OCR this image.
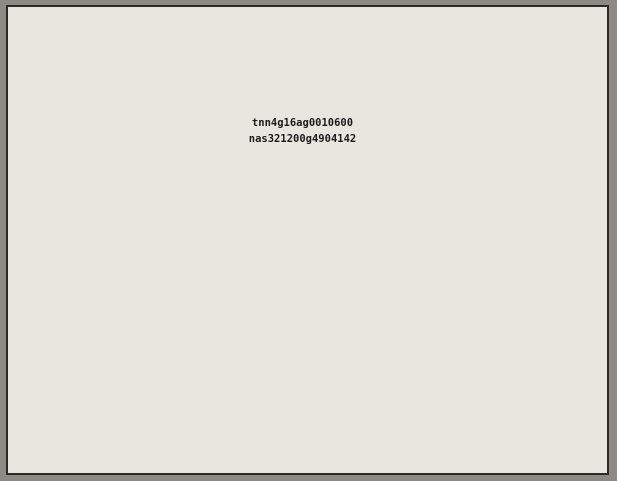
tnn4g16ag0010600
nas321200g4904142
